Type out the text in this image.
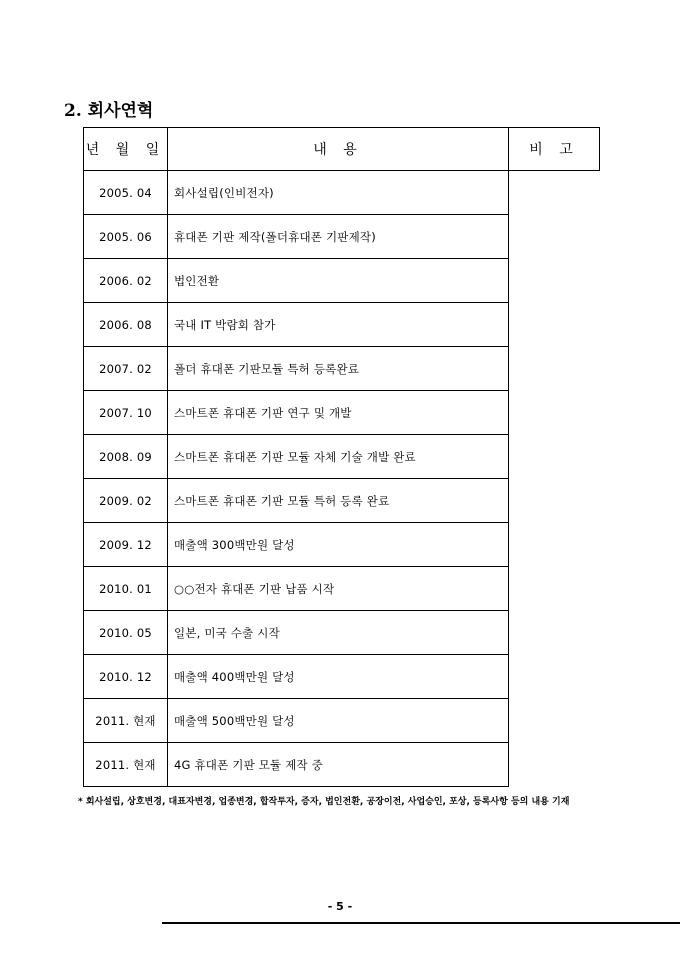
2. 회사연혁
년 월 일	내 용	비 고
2005. 04	회사설립(인비전자)	

2005. 06	휴대폰 기판 제작(폴더휴대폰 기판제작)	

2006. 02	법인전환	

2006. 08	국내 IT 박람회 참가	

2007. 02	폴더 휴대폰 기판모듈 특허 등록완료	

2007. 10	스마트폰 휴대폰 기판 연구 및 개발	

2008. 09	스마트폰 휴대폰 기판 모듈 자체 기술 개발 완료	

2009. 02	스마트폰 휴대폰 기판 모듈 특허 등록 완료	

2009. 12	매출액 300백만원 달성	

2010. 01	○○전자 휴대폰 기판 납품 시작	

2010. 05	일본, 미국 수출 시작	

2010. 12	매출액 400백만원 달성	

2011. 현재	매출액 500백만원 달성	

2011. 현재	4G 휴대폰 기판 모듈 제작 중	

* 회사설립, 상호변경, 대표자변경, 업종변경, 합작투자, 증자, 법인전환, 공장이전, 사업승인, 포상, 등록사항 등의 내용 기재

- 5 -
